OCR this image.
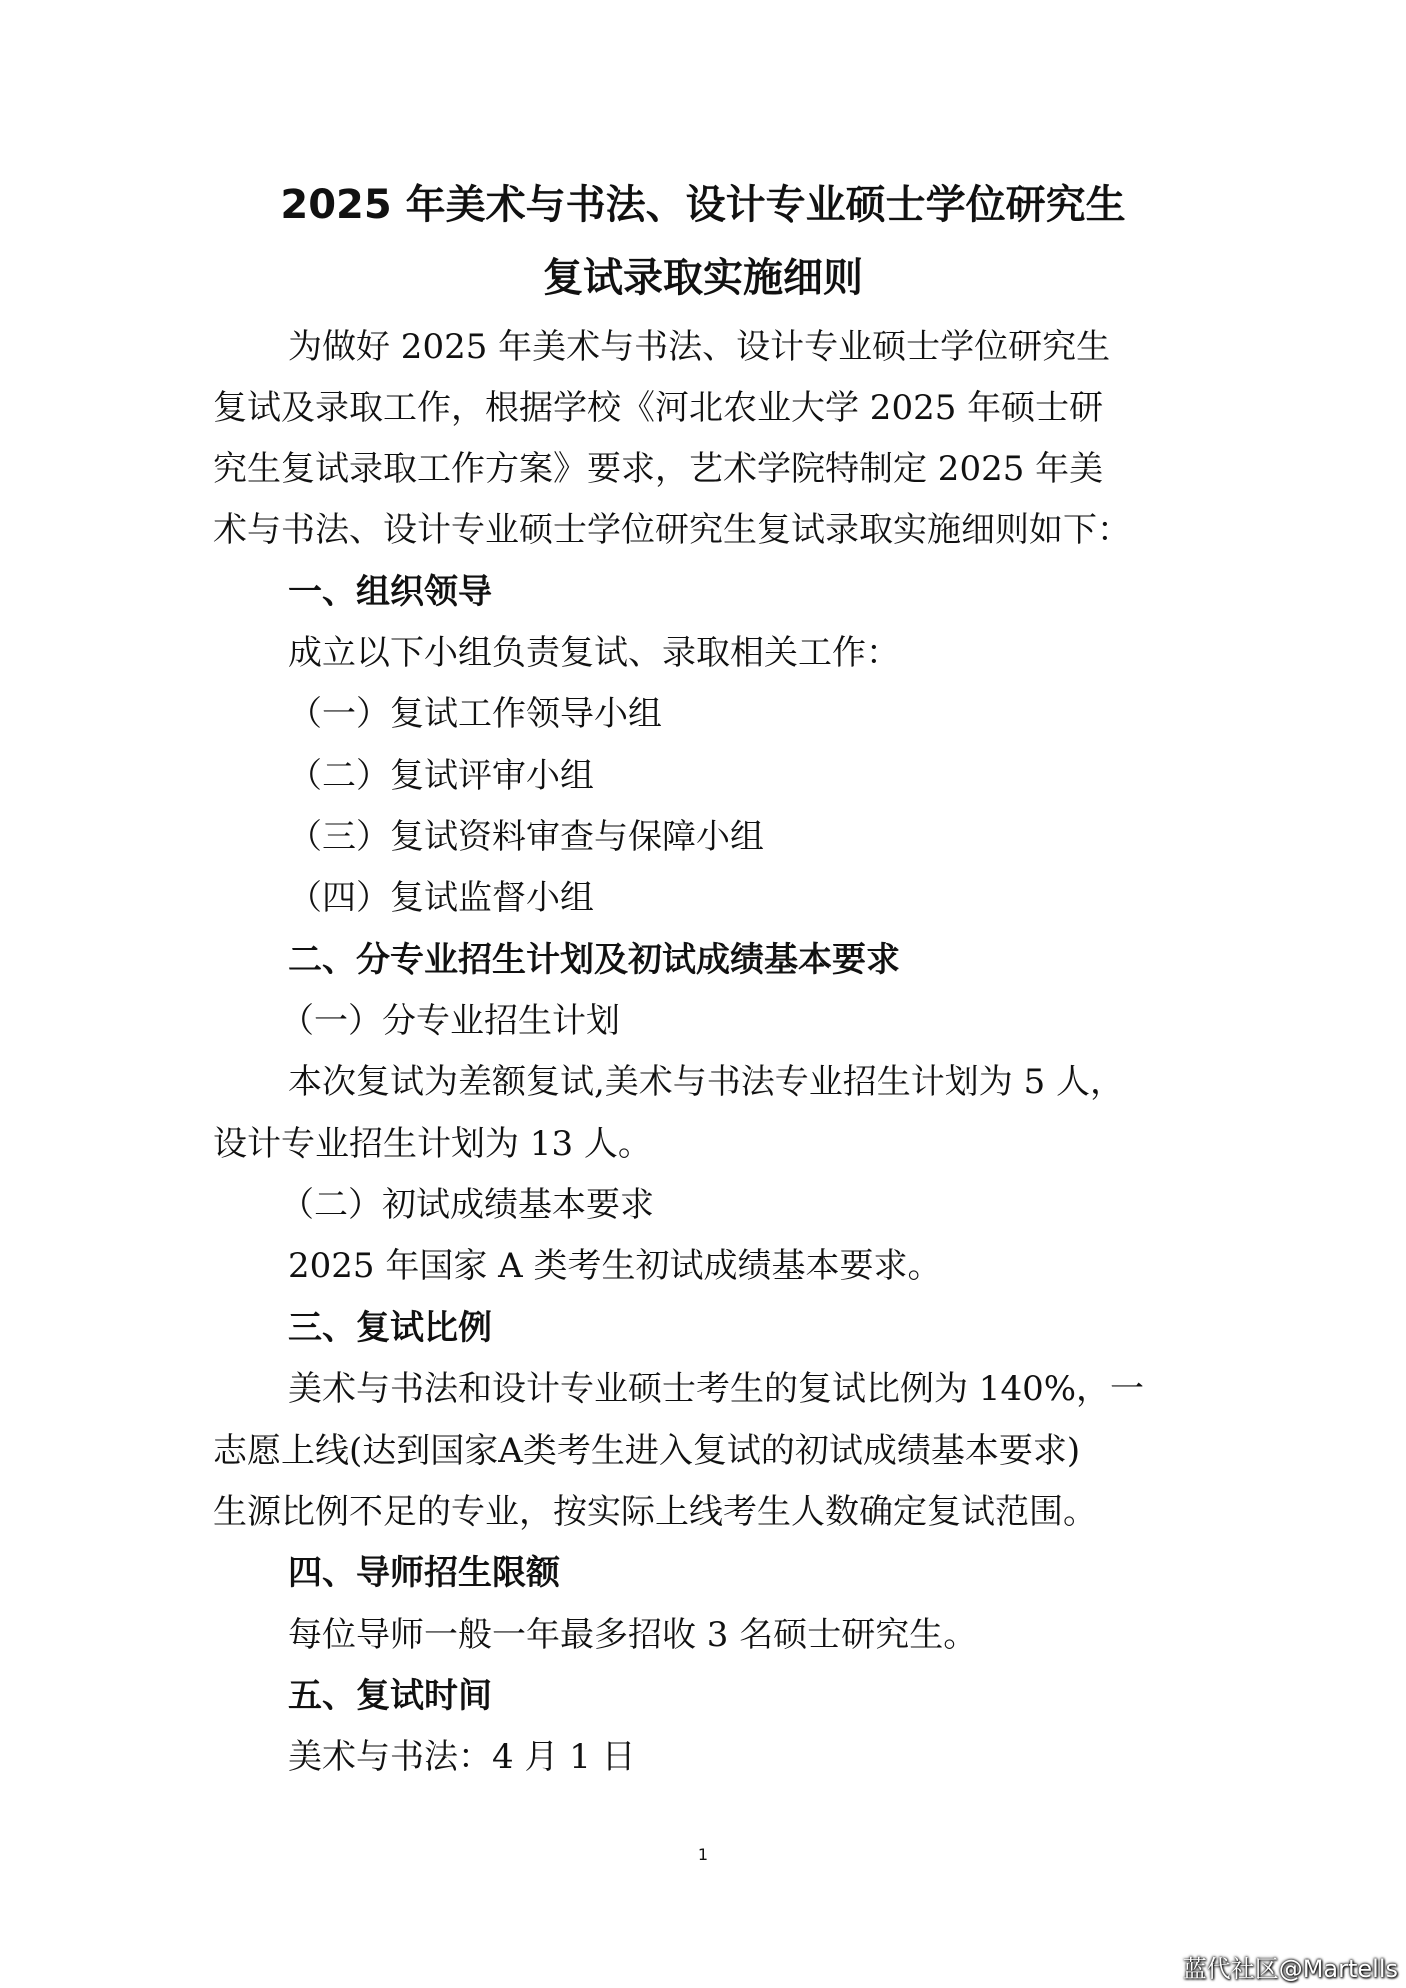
2025 年美术与书法、设计专业硕士学位研究生
复试录取实施细则
为做好 2025 年美术与书法、设计专业硕士学位研究生
复试及录取工作，根据学校《河北农业大学 2025 年硕士研
究生复试录取工作方案》要求，艺术学院特制定 2025 年美
术与书法、设计专业硕士学位研究生复试录取实施细则如下：
一、组织领导
成立以下小组负责复试、录取相关工作：
（一）复试工作领导小组
（二）复试评审小组
（三）复试资料审查与保障小组
（四）复试监督小组
二、分专业招生计划及初试成绩基本要求
（一）分专业招生计划
本次复试为差额复试,美术与书法专业招生计划为 5 人，
设计专业招生计划为 13 人。
（二）初试成绩基本要求
2025 年国家 A 类考生初试成绩基本要求。
三、复试比例
美术与书法和设计专业硕士考生的复试比例为 140%，一
志愿上线(达到国家A类考生进入复试的初试成绩基本要求)
生源比例不足的专业，按实际上线考生人数确定复试范围。
四、导师招生限额
每位导师一般一年最多招收 3 名硕士研究生。
五、复试时间
美术与书法：4 月 1 日
1
蓝代社区@Martells
